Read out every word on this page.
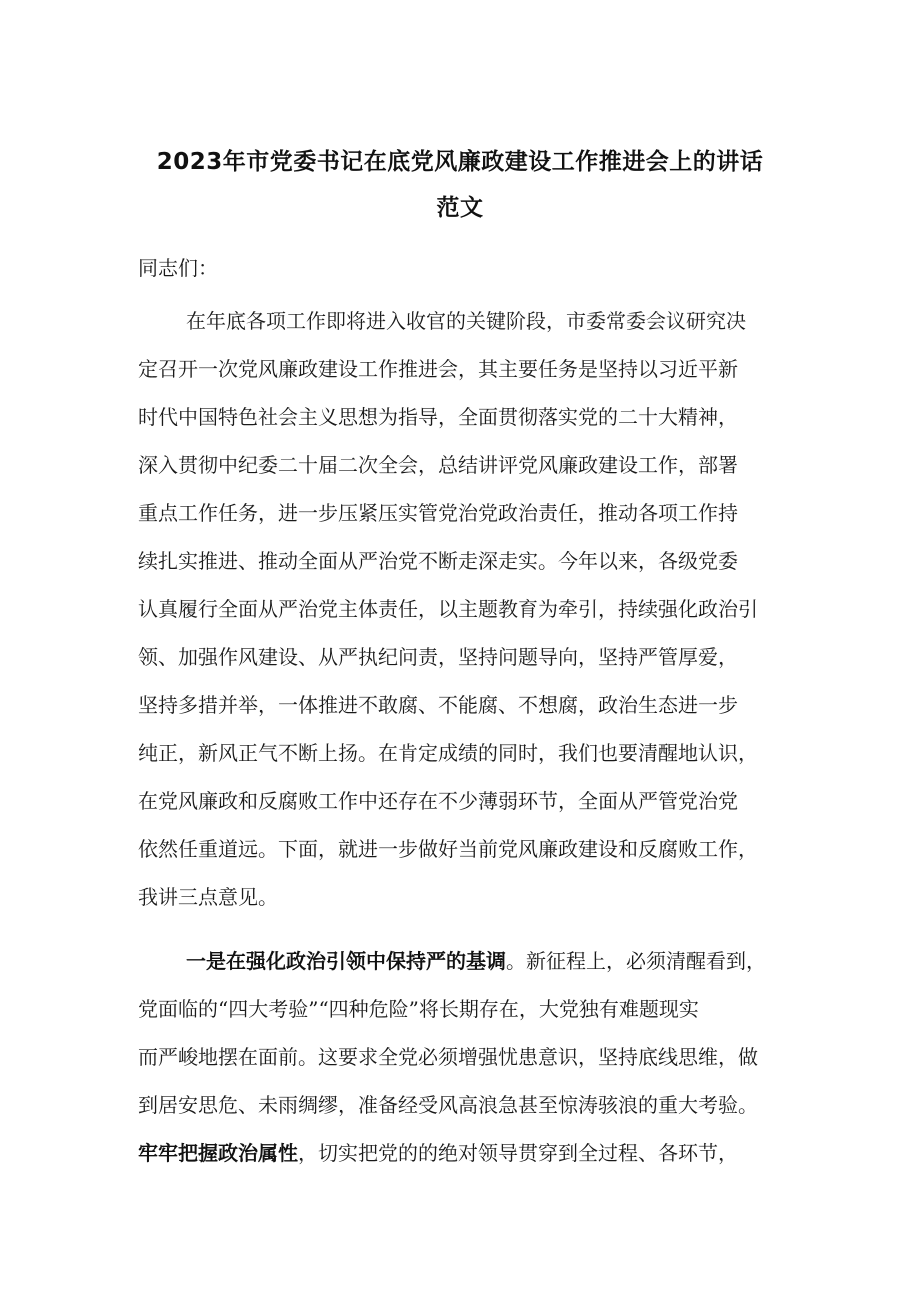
2023年市党委书记在底党风廉政建设工作推进会上的讲话
范文
同志们：
在年底各项工作即将进入收官的关键阶段，市委常委会议研究决
定召开一次党风廉政建设工作推进会，其主要任务是坚持以习近平新
时代中国特色社会主义思想为指导，全面贯彻落实党的二十大精神，
深入贯彻中纪委二十届二次全会，总结讲评党风廉政建设工作，部署
重点工作任务，进一步压紧压实管党治党政治责任，推动各项工作持
续扎实推进、推动全面从严治党不断走深走实。今年以来，各级党委
认真履行全面从严治党主体责任，以主题教育为牵引，持续强化政治引
领、加强作风建设、从严执纪问责，坚持问题导向，坚持严管厚爱，
坚持多措并举，一体推进不敢腐、不能腐、不想腐，政治生态进一步
纯正，新风正气不断上扬。在肯定成绩的同时，我们也要清醒地认识，
在党风廉政和反腐败工作中还存在不少薄弱环节，全面从严管党治党
依然任重道远。下面，就进一步做好当前党风廉政建设和反腐败工作，
我讲三点意见。
一是在强化政治引领中保持严的基调。新征程上，必须清醒看到，
党面临的“四大考验”“四种危险”将长期存在，大党独有难题现实
而严峻地摆在面前。这要求全党必须增强忧患意识，坚持底线思维，做
到居安思危、未雨绸缪，准备经受风高浪急甚至惊涛骇浪的重大考验。
牢牢把握政治属性，切实把党的的绝对领导贯穿到全过程、各环节，
